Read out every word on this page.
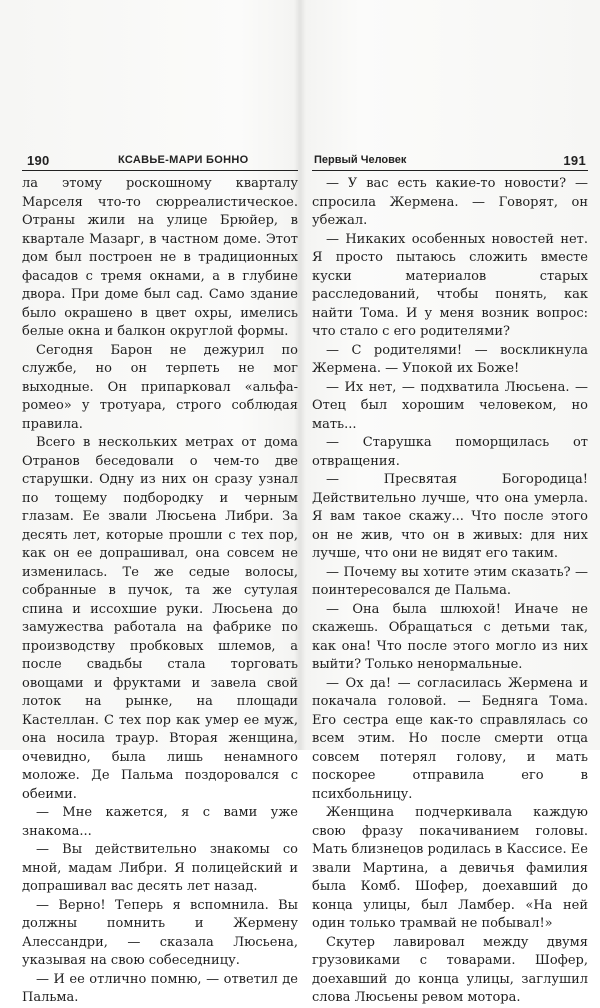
190	КСАВЬЕ-МАРИ БОННО

ла этому роскошному кварталу Марселя что-то сюрреалистическое. Отраны жили на улице Брюйер, в квартале Мазарг, в частном доме. Этот дом был построен не в традиционных фасадов с тремя окнами, а в глубине двора. При доме был сад. Само здание было окрашено в цвет охры, имелись белые окна и балкон округлой формы.

Сегодня Барон не дежурил по службе, но он терпеть не мог выходные. Он припарковал «альфа-ромео» у тротуара, строго соблюдая правила.

Всего в нескольких метрах от дома Отранов беседовали о чем-то две старушки. Одну из них он сразу узнал по тощему подбородку и черным глазам. Ее звали Люсьена Либри. За десять лет, которые прошли с тех пор, как он ее допрашивал, она совсем не изменилась. Те же седые волосы, собранные в пучок, та же сутулая спина и иссохшие руки. Люсьена до замужества работала на фабрике по производству пробковых шлемов, а после свадьбы стала торговать овощами и фруктами и завела свой лоток на рынке, на площади Кастеллан. С тех пор как умер ее муж, она носила траур. Вторая женщина, очевидно, была лишь ненамного моложе. Де Пальма поздоровался с обеими.

— Мне кажется, я с вами уже знакома...

— Вы действительно знакомы со мной, мадам Либри. Я полицейский и допрашивал вас десять лет назад.

— Верно! Теперь я вспомнила. Вы должны помнить и Жермену Алессандри, — сказала Люсьена, указывая на свою собеседницу.

— И ее отлично помню, — ответил де Пальма.

Первый Человек	191

— У вас есть какие-то новости? — спросила Жермена. — Говорят, он убежал.

— Никаких особенных новостей нет. Я просто пытаюсь сложить вместе куски материалов старых расследований, чтобы понять, как найти Тома. И у меня возник вопрос: что стало с его родителями?

— С родителями! — воскликнула Жермена. — Упокой их Боже!

— Их нет, — подхватила Люсьена. — Отец был хорошим человеком, но мать...

— Старушка поморщилась от отвращения.

— Пресвятая Богородица! Действительно лучше, что она умерла. Я вам такое скажу... Что после этого он не жив, что он в живых: для них лучше, что они не видят его таким.

— Почему вы хотите этим сказать? — поинтересовался де Пальма.

— Она была шлюхой! Иначе не скажешь. Обращаться с детьми так, как она! Что после этого могло из них выйти? Только ненормальные.

— Ох да! — согласилась Жермена и покачала головой. — Бедняга Тома. Его сестра еще как-то справлялась со всем этим. Но после смерти отца совсем потерял голову, и мать поскорее отправила его в психбольницу.

Женщина подчеркивала каждую свою фразу покачиванием головы. Мать близнецов родилась в Кассисе. Ее звали Мартина, а девичья фамилия была Комб. Шофер, доехавший до конца улицы, был Ламбер. «На ней один только трамвай не побывал!»

Скутер лавировал между двумя грузовиками с товарами. Шофер, доехавший до конца улицы, заглушил слова Люсьены ревом мотора.
